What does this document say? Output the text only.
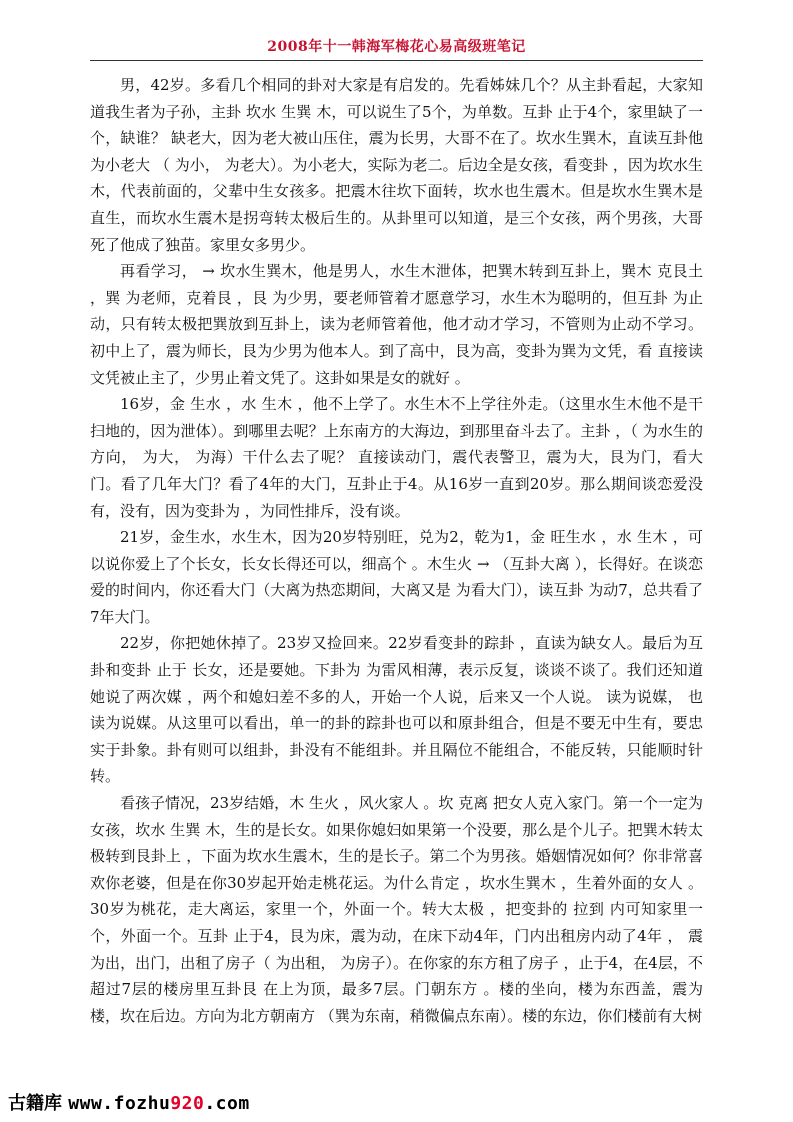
2008年十一韩海军梅花心易高级班笔记

男，42岁。多看几个相同的卦对大家是有启发的。先看姊妹几个？从主卦看起，大家知道我生者为子孙，主卦 坎水 生巽 木，可以说生了5个，为单数。互卦 止于4个，家里缺了一个，缺谁？ 缺老大，因为老大被山压住，震为长男，大哥不在了。坎水生巽木，直读互卦他为小老大 （ 为小， 为老大）。为小老大，实际为老二。后边全是女孩，看变卦 ，因为坎水生木，代表前面的，父辈中生女孩多。把震木往坎下面转，坎水也生震木。但是坎水生巽木是直生，而坎水生震木是拐弯转太极后生的。从卦里可以知道，是三个女孩，两个男孩，大哥死了他成了独苗。家里女多男少。

再看学习， → 坎水生巽木，他是男人，水生木泄体，把巽木转到互卦上，巽木 克艮土 ，巽 为老师，克着艮 ，艮 为少男，要老师管着才愿意学习，水生木为聪明的，但互卦 为止动，只有转太极把巽放到互卦上，读为老师管着他，他才动才学习，不管则为止动不学习。初中上了，震为师长，艮为少男为他本人。到了高中，艮为高，变卦为巽为文凭，看 直接读文凭被止主了，少男止着文凭了。这卦如果是女的就好 。

16岁，金 生水 ，水 生木 ，他不上学了。水生木不上学往外走。（这里水生木他不是干扫地的，因为泄体）。到哪里去呢？上东南方的大海边，到那里奋斗去了。主卦 ，（ 为水生的方向， 为大， 为海）干什么去了呢？ 直接读动门，震代表警卫，震为大，艮为门，看大门。看了几年大门？看了4年的大门，互卦止于4。从16岁一直到20岁。那么期间谈恋爱没有，没有，因为变卦为 ，为同性排斥，没有谈。

21岁，金生水，水生木，因为20岁特别旺，兑为2，乾为1，金 旺生水 ，水 生木 ，可以说你爱上了个长女，长女长得还可以，细高个 。木生火 → （互卦大离 ），长得好。在谈恋爱的时间内，你还看大门（大离为热恋期间，大离又是 为看大门），读互卦 为动7，总共看了7年大门。

22岁，你把她休掉了。23岁又捡回来。22岁看变卦的踪卦 ，直读为缺女人。最后为互卦和变卦 止于 长女，还是要她。下卦为 为雷风相薄，表示反复，谈谈不谈了。我们还知道她说了两次媒 ，两个和媳妇差不多的人，开始一个人说，后来又一个人说。 读为说媒， 也读为说媒。从这里可以看出，单一的卦的踪卦也可以和原卦组合，但是不要无中生有，要忠实于卦象。卦有则可以组卦，卦没有不能组卦。并且隔位不能组合，不能反转，只能顺时针转。

看孩子情况，23岁结婚，木 生火 ，风火家人 。坎 克离 把女人克入家门。第一个一定为女孩，坎水 生巽 木，生的是长女。如果你媳妇如果第一个没要，那么是个儿子。把巽木转太极转到艮卦上 ，下面为坎水生震木，生的是长子。第二个为男孩。婚姻情况如何？你非常喜欢你老婆，但是在你30岁起开始走桃花运。为什么肯定 ，坎水生巽木 ，生着外面的女人 。30岁为桃花，走大离运，家里一个，外面一个。转大太极 ，把变卦的 拉到 内可知家里一个，外面一个。互卦 止于4，艮为床，震为动，在床下动4年，门内出租房内动了4年 ， 震 为出，出门，出租了房子（ 为出租， 为房子）。在你家的东方租了房子 ，止于4，在4层，不超过7层的楼房里互卦艮 在上为顶，最多7层。门朝东方 。楼的坐向，楼为东西盖，震为楼，坎在后边。方向为北方朝南方 （巽为东南，稍微偏点东南）。楼的东边，你们楼前有大树

古籍库 www.fozhu920.com
